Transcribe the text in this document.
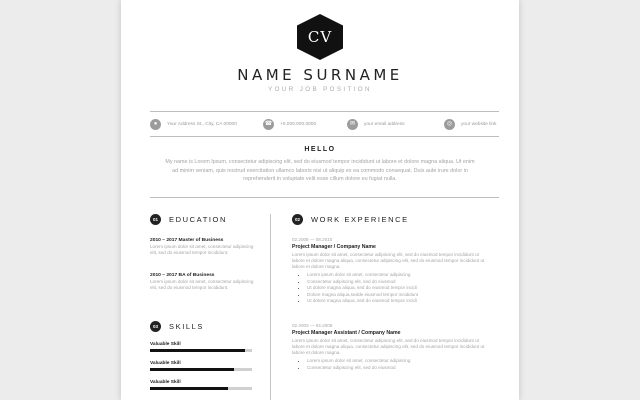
CV
NAME SURNAME
YOUR JOB POSITION
●	Your Address St., City, CA 00000	☎	+0.000.000.0000	✉	your email address	◎	your website link
HELLO
My name is Lorem Ipsum, consectetur adipiscing elit, sed do eiusmod tempor incididunt ut labore et dolore magna aliqua. Ut enim ad minim veniam, quis nostrud exercitation ullamco laboris nisi ut aliquip ex ea commodo consequat. Duis aute irure dolor in reprehenderit in voluptate velit esse cillum dolore eu fugiat nulla.
01	EDUCATION
2010 – 2017 Master of Business
Lorem ipsum dolor sit amet, consectetur adipiscing elit, sed do eiusmod tempor incididunt.
2010 – 2017 BA of Business
Lorem ipsum dolor sit amet, consectetur adipiscing elit, sed do eiusmod tempor incididunt.
03	SKILLS
Valuable Skill
Valuable Skill
Valuable Skill
02	WORK EXPERIENCE
02.2008 — 08.2010
Project Manager / Company Name
Lorem ipsum dolor sit amet, consectetur adipiscing elit, sed do eiusmod tempor incididunt ut labore et dolore magna aliqua, consectetur adipiscing elit, sed do eiusmod tempor incididunt ut labore et dolore magna.
• Lorem ipsum dolor sit amet, consectetur adipiscing
• Consectetur adipiscing elit, sed do eiusmod
• Ut dolore magna aliqua, sed do eiusmod tempor incidi
• Dolore magna aliqua,sedde eiusmod tempor incididunt
• Ut dolore magna aliqua, sed do eiusmod tempor incidi
02.2003 — 04.2008
Project Manager Assistant / Company Name
Lorem ipsum dolor sit amet, consectetur adipiscing elit, sed do eiusmod tempor incididunt ut labore et dolore magna aliqua, consectetur adipiscing elit, sed do eiusmod tempor incididunt ut labore et dolore magna.
• Lorem ipsum dolor sit amet, consectetur adipiscing
• Consectetur adipiscing elit, sed do eiusmod
